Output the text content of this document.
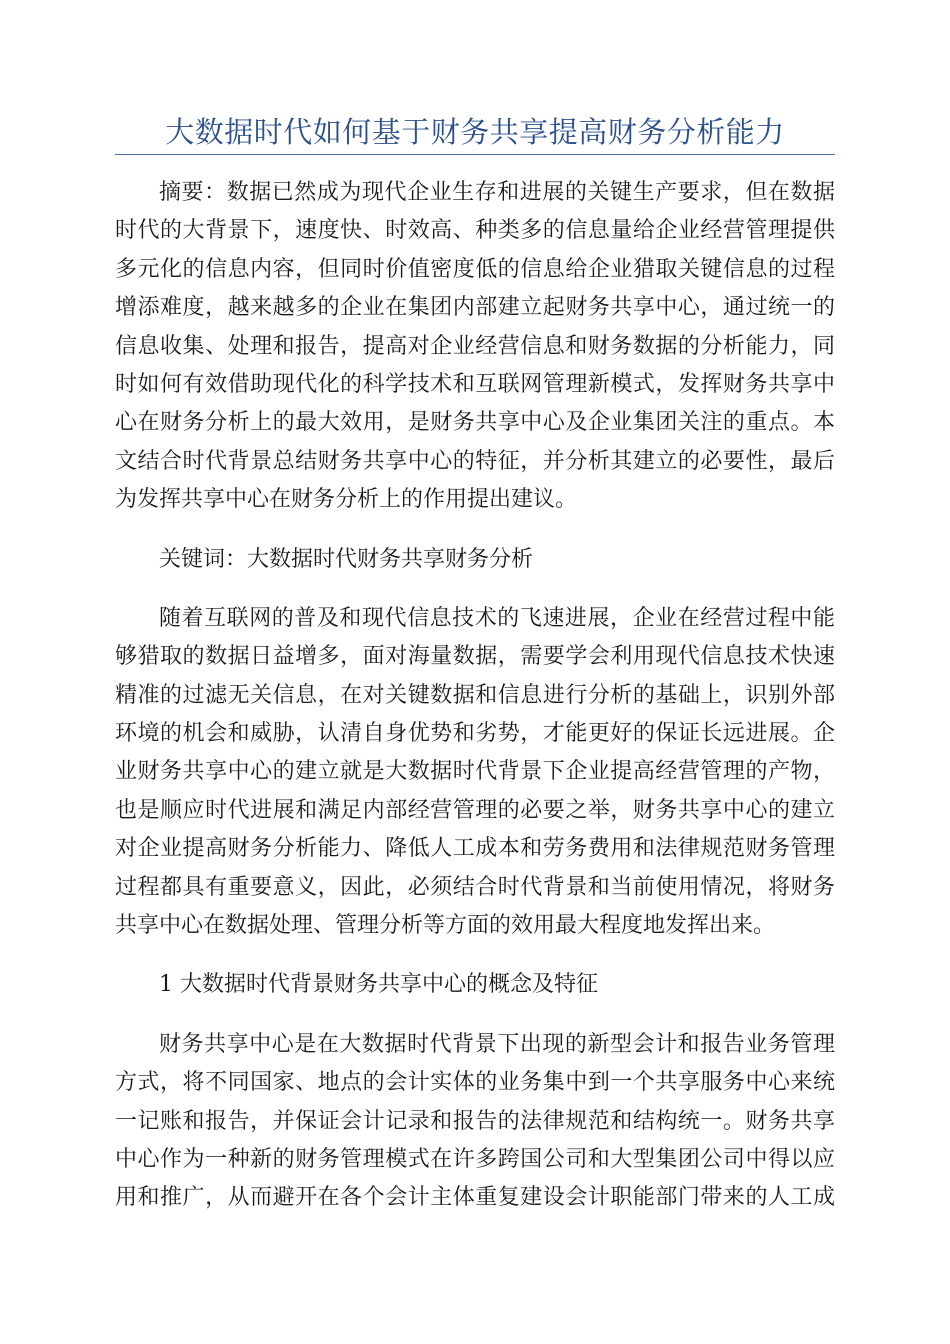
大数据时代如何基于财务共享提高财务分析能力

摘要：数据已然成为现代企业生存和进展的关键生产要求，但在数据
时代的大背景下，速度快、时效高、种类多的信息量给企业经营管理提供
多元化的信息内容，但同时价值密度低的信息给企业猎取关键信息的过程
增添难度，越来越多的企业在集团内部建立起财务共享中心，通过统一的
信息收集、处理和报告，提高对企业经营信息和财务数据的分析能力，同
时如何有效借助现代化的科学技术和互联网管理新模式，发挥财务共享中
心在财务分析上的最大效用，是财务共享中心及企业集团关注的重点。本
文结合时代背景总结财务共享中心的特征，并分析其建立的必要性，最后
为发挥共享中心在财务分析上的作用提出建议。

关键词：大数据时代财务共享财务分析

随着互联网的普及和现代信息技术的飞速进展，企业在经营过程中能
够猎取的数据日益增多，面对海量数据，需要学会利用现代信息技术快速
精准的过滤无关信息，在对关键数据和信息进行分析的基础上，识别外部
环境的机会和威胁，认清自身优势和劣势，才能更好的保证长远进展。企
业财务共享中心的建立就是大数据时代背景下企业提高经营管理的产物，
也是顺应时代进展和满足内部经营管理的必要之举，财务共享中心的建立
对企业提高财务分析能力、降低人工成本和劳务费用和法律规范财务管理
过程都具有重要意义，因此，必须结合时代背景和当前使用情况，将财务
共享中心在数据处理、管理分析等方面的效用最大程度地发挥出来。

1 大数据时代背景财务共享中心的概念及特征

财务共享中心是在大数据时代背景下出现的新型会计和报告业务管理
方式，将不同国家、地点的会计实体的业务集中到一个共享服务中心来统
一记账和报告，并保证会计记录和报告的法律规范和结构统一。财务共享
中心作为一种新的财务管理模式在许多跨国公司和大型集团公司中得以应
用和推广，从而避开在各个会计主体重复建设会计职能部门带来的人工成
